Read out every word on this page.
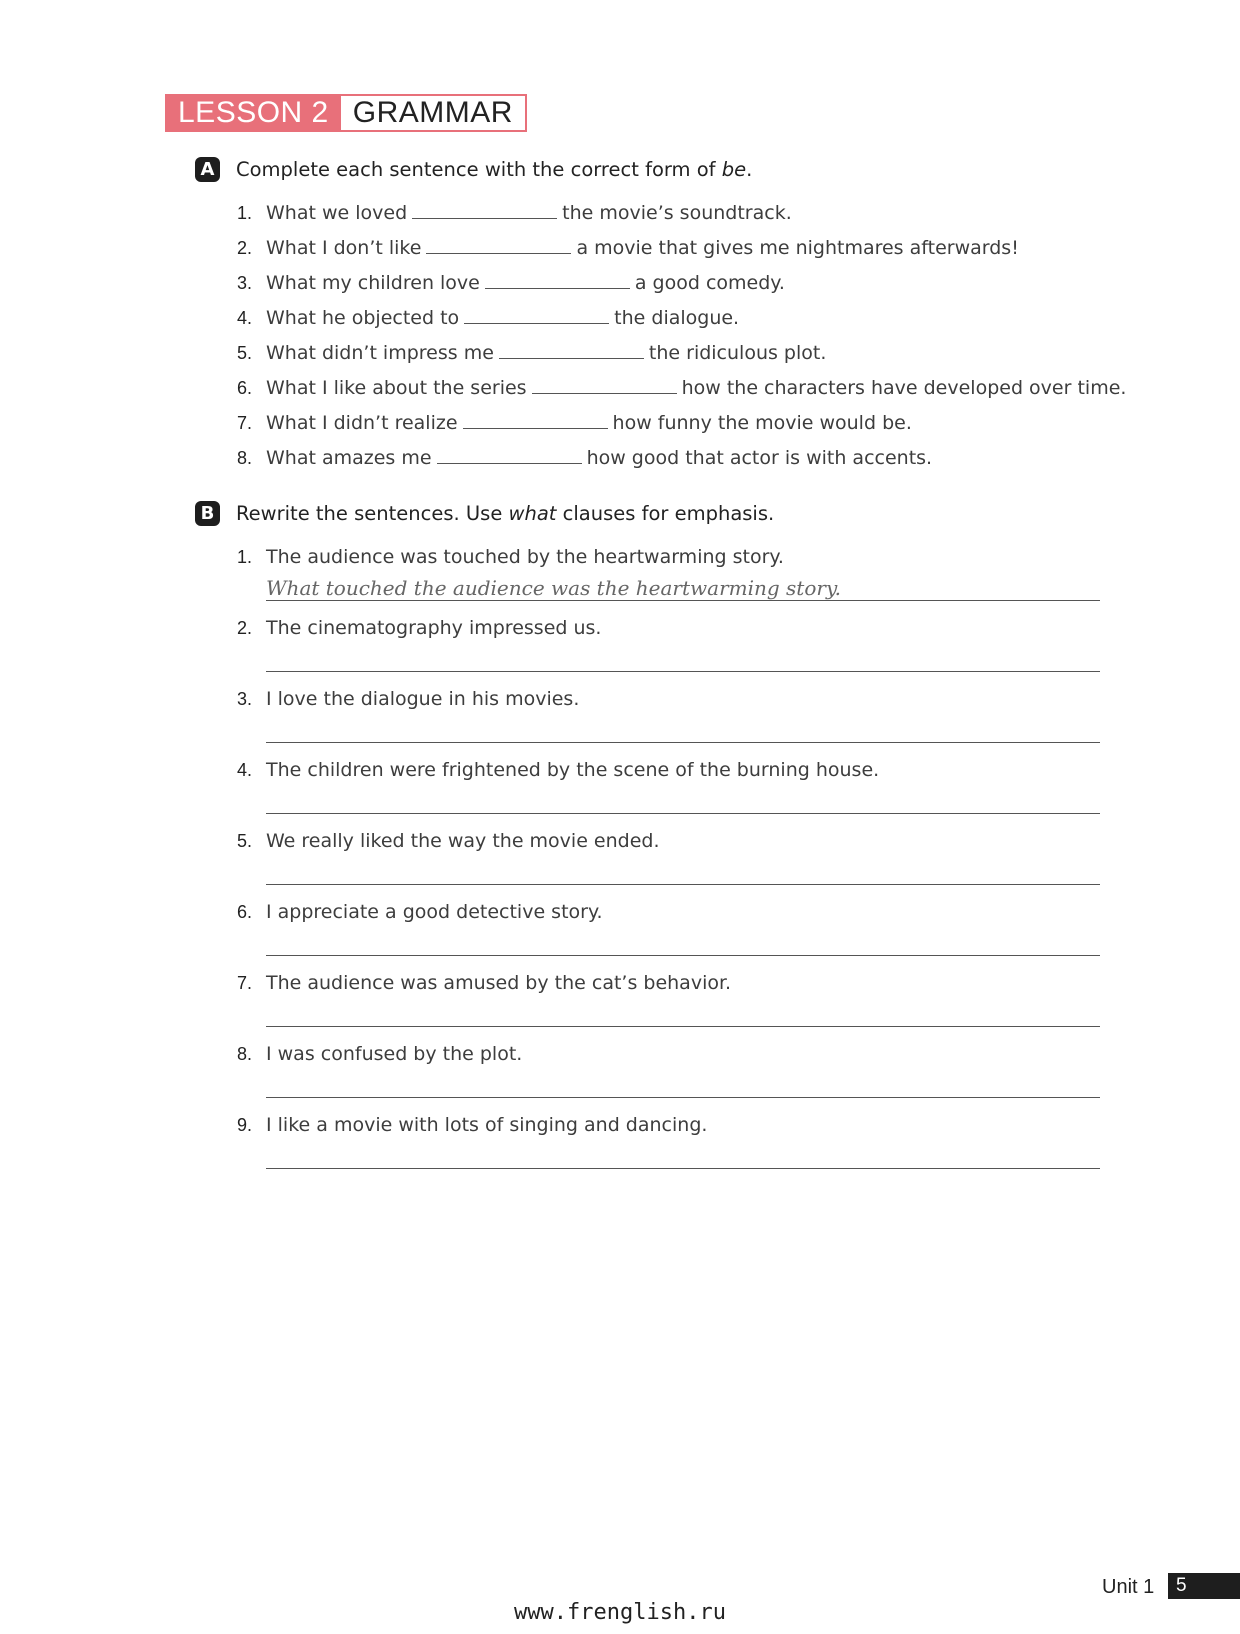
LESSON 2 GRAMMAR
A Complete each sentence with the correct form of be.
1. What we loved	the movie’s soundtrack.
2. What I don’t like	a movie that gives me nightmares afterwards!
3. What my children love	a good comedy.
4. What he objected to	the dialogue.
5. What didn’t impress me	the ridiculous plot.
6. What I like about the series	how the characters have developed over time.
7. What I didn’t realize	how funny the movie would be.
8. What amazes me	how good that actor is with accents.
B Rewrite the sentences. Use what clauses for emphasis.
1. The audience was touched by the heartwarming story.
What touched the audience was the heartwarming story.
2. The cinematography impressed us.
3. I love the dialogue in his movies.
4. The children were frightened by the scene of the burning house.
5. We really liked the way the movie ended.
6. I appreciate a good detective story.
7. The audience was amused by the cat’s behavior.
8. I was confused by the plot.
9. I like a movie with lots of singing and dancing.
Unit 1	5
www.frenglish.ru
